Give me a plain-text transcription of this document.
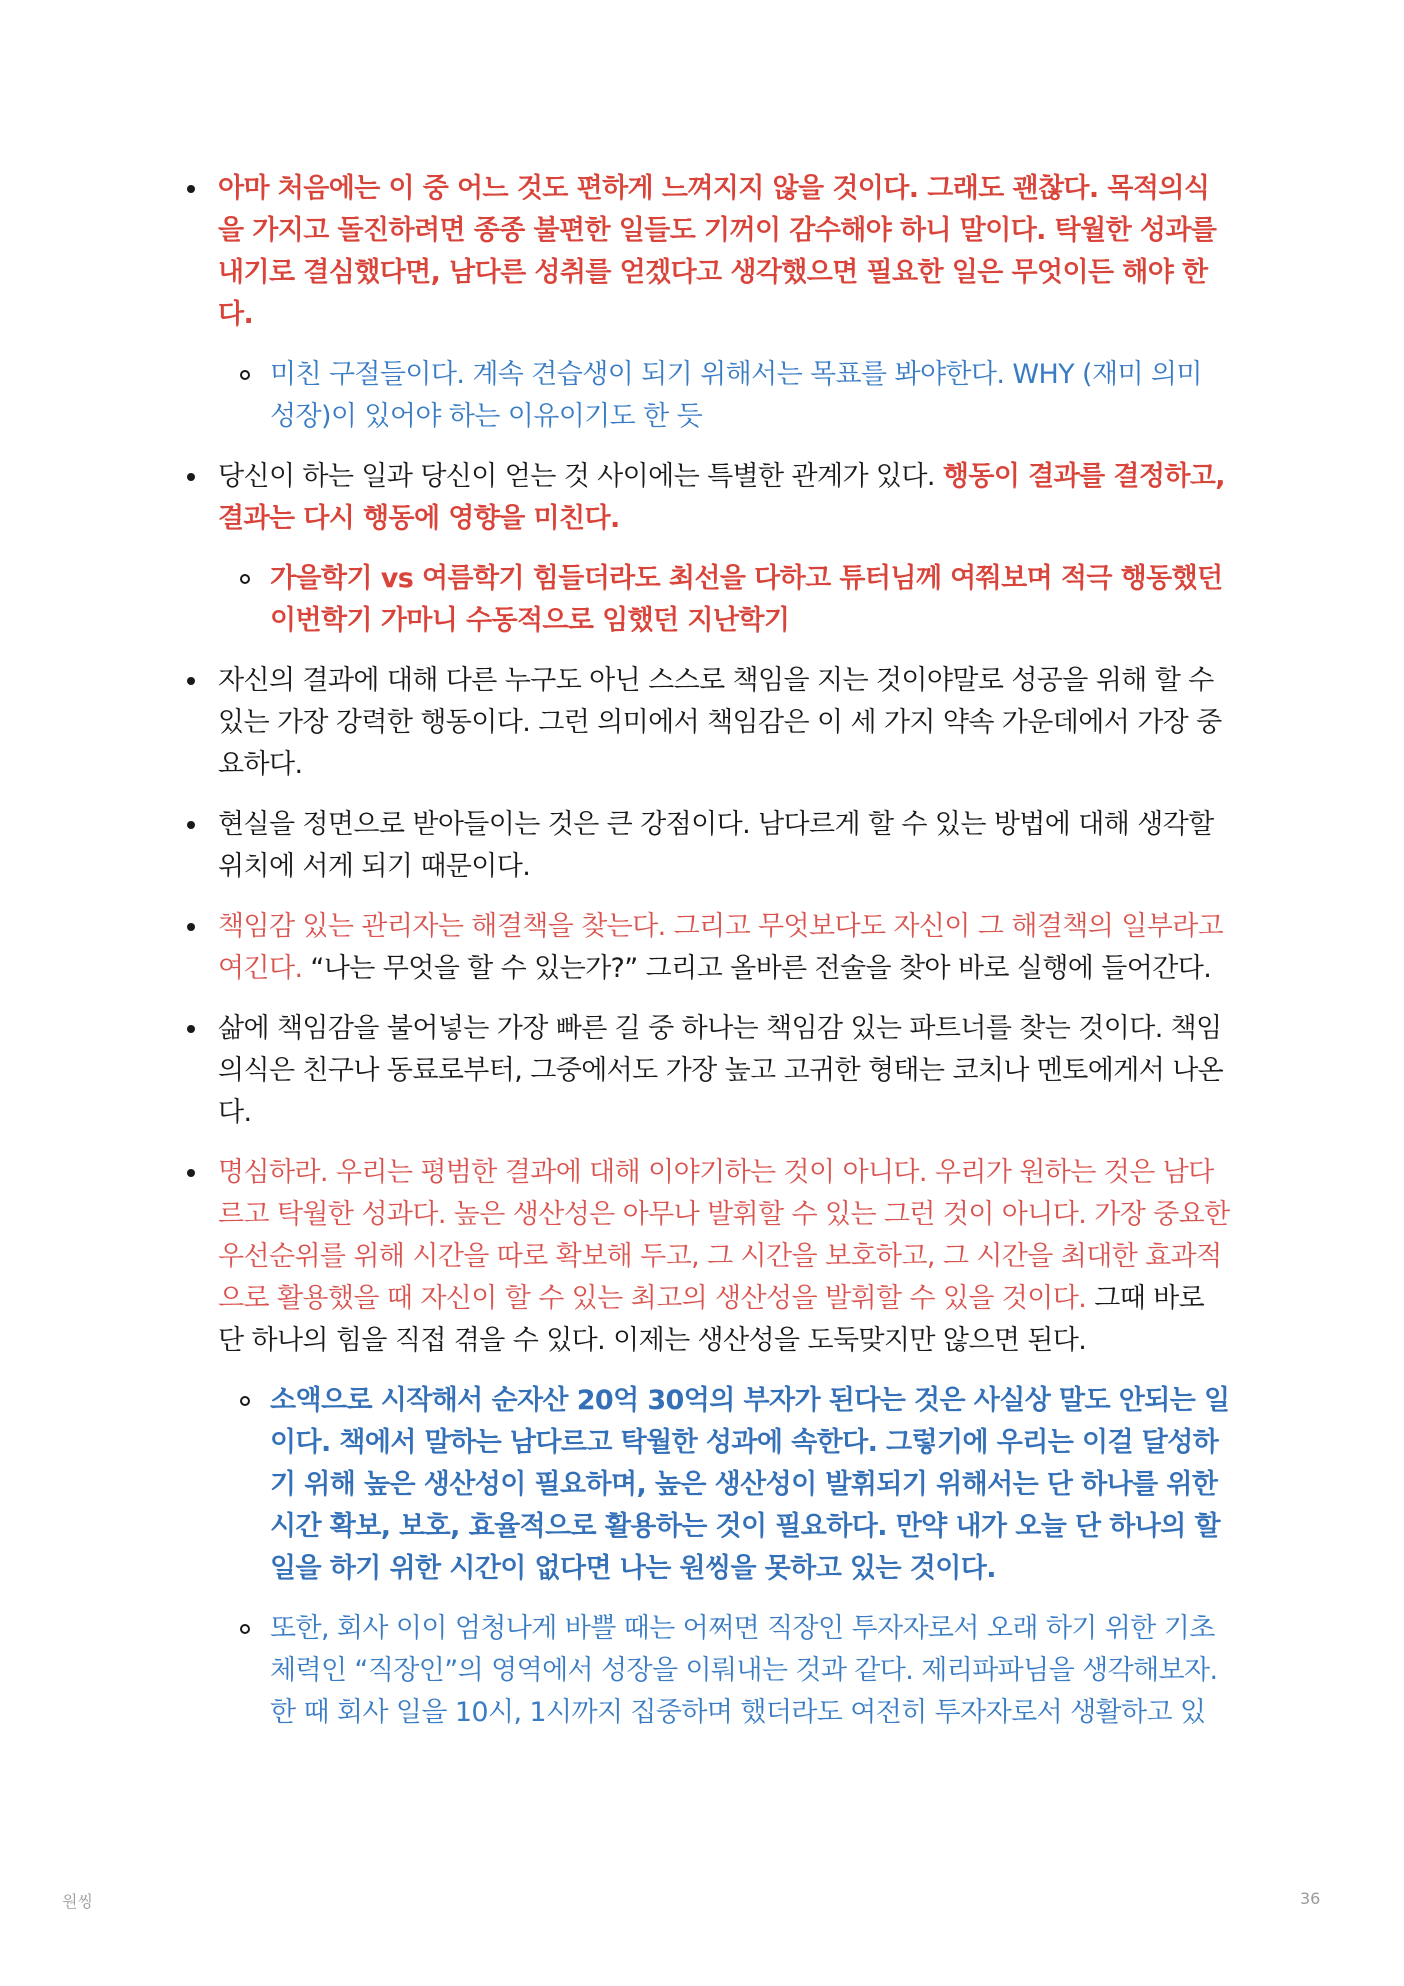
아마 처음에는 이 중 어느 것도 편하게 느껴지지 않을 것이다. 그래도 괜찮다. 목적의식을 가지고 돌진하려면 종종 불편한 일들도 기꺼이 감수해야 하니 말이다. 탁월한 성과를 내기로 결심했다면, 남다른 성취를 얻겠다고 생각했으면 필요한 일은 무엇이든 해야 한다.
미친 구절들이다. 계속 견습생이 되기 위해서는 목표를 봐야한다. WHY (재미 의미 성장)이 있어야 하는 이유이기도 한 듯
당신이 하는 일과 당신이 얻는 것 사이에는 특별한 관계가 있다. 행동이 결과를 결정하고, 결과는 다시 행동에 영향을 미친다.
가을학기 vs 여름학기 힘들더라도 최선을 다하고 튜터님께 여쭤보며 적극 행동했던 이번학기 가마니 수동적으로 임했던 지난학기
자신의 결과에 대해 다른 누구도 아닌 스스로 책임을 지는 것이야말로 성공을 위해 할 수 있는 가장 강력한 행동이다. 그런 의미에서 책임감은 이 세 가지 약속 가운데에서 가장 중요하다.
현실을 정면으로 받아들이는 것은 큰 강점이다. 남다르게 할 수 있는 방법에 대해 생각할 위치에 서게 되기 때문이다.
책임감 있는 관리자는 해결책을 찾는다. 그리고 무엇보다도 자신이 그 해결책의 일부라고 여긴다. “나는 무엇을 할 수 있는가?” 그리고 올바른 전술을 찾아 바로 실행에 들어간다.
삶에 책임감을 불어넣는 가장 빠른 길 중 하나는 책임감 있는 파트너를 찾는 것이다. 책임의식은 친구나 동료로부터, 그중에서도 가장 높고 고귀한 형태는 코치나 멘토에게서 나온다.
명심하라. 우리는 평범한 결과에 대해 이야기하는 것이 아니다. 우리가 원하는 것은 남다르고 탁월한 성과다. 높은 생산성은 아무나 발휘할 수 있는 그런 것이 아니다. 가장 중요한 우선순위를 위해 시간을 따로 확보해 두고, 그 시간을 보호하고, 그 시간을 최대한 효과적으로 활용했을 때 자신이 할 수 있는 최고의 생산성을 발휘할 수 있을 것이다. 그때 바로 단 하나의 힘을 직접 겪을 수 있다. 이제는 생산성을 도둑맞지만 않으면 된다.
소액으로 시작해서 순자산 20억 30억의 부자가 된다는 것은 사실상 말도 안되는 일이다. 책에서 말하는 남다르고 탁월한 성과에 속한다. 그렇기에 우리는 이걸 달성하기 위해 높은 생산성이 필요하며, 높은 생산성이 발휘되기 위해서는 단 하나를 위한 시간 확보, 보호, 효율적으로 활용하는 것이 필요하다. 만약 내가 오늘 단 하나의 할 일을 하기 위한 시간이 없다면 나는 원씽을 못하고 있는 것이다.
또한, 회사 이이 엄청나게 바쁠 때는 어쩌면 직장인 투자자로서 오래 하기 위한 기초 체력인 “직장인”의 영역에서 성장을 이뤄내는 것과 같다. 제리파파님을 생각해보자. 한 때 회사 일을 10시, 1시까지 집중하며 했더라도 여전히 투자자로서 생활하고 있
원씽	36
